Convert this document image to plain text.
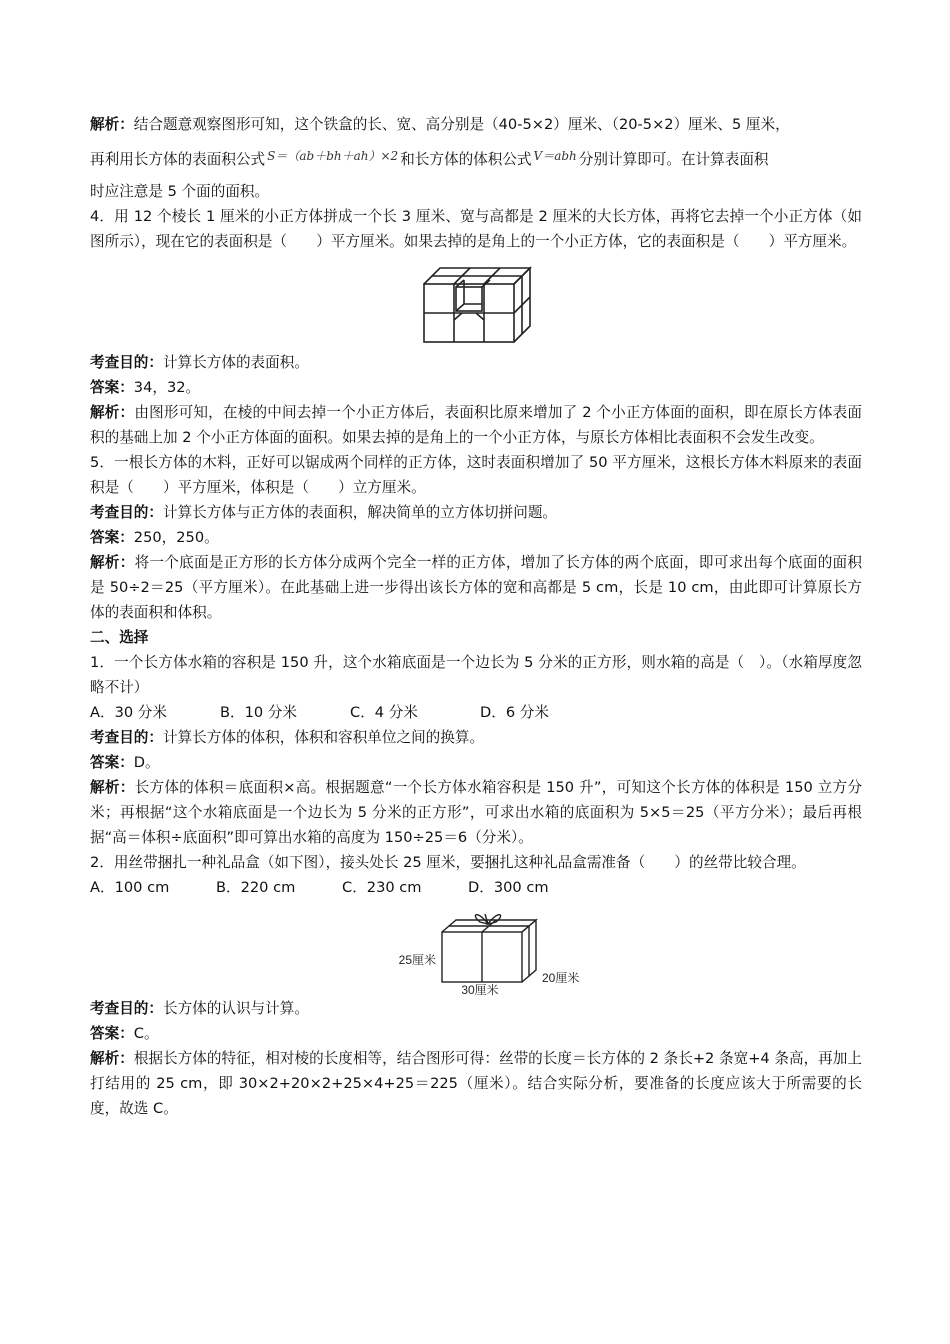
解析：结合题意观察图形可知，这个铁盒的长、宽、高分别是（40-5×2）厘米、（20-5×2）厘米、5 厘米，

再利用长方体的表面积公式 $^{S=(ab+bh+ah)\times 2}$ 和长方体的体积公式 $^{V=abh}$ 分别计算即可。在计算表面积

时应注意是 5 个面的面积。

4．用 12 个棱长 1 厘米的小正方体拼成一个长 3 厘米、宽与高都是 2 厘米的大长方体，再将它去掉一个小正方体（如图所示），现在它的表面积是（　　）平方厘米。如果去掉的是角上的一个小正方体，它的表面积是（　　）平方厘米。

考查目的：计算长方体的表面积。

答案：34，32。

解析：由图形可知，在棱的中间去掉一个小正方体后，表面积比原来增加了 2 个小正方体面的面积，即在原长方体表面积的基础上加 2 个小正方体面的面积。如果去掉的是角上的一个小正方体，与原长方体相比表面积不会发生改变。

5．一根长方体的木料，正好可以锯成两个同样的正方体，这时表面积增加了 50 平方厘米，这根长方体木料原来的表面积是（　　）平方厘米，体积是（　　）立方厘米。

考查目的：计算长方体与正方体的表面积，解决简单的立方体切拼问题。

答案：250，250。

解析：将一个底面是正方形的长方体分成两个完全一样的正方体，增加了长方体的两个底面，即可求出每个底面的面积是 50÷2＝25（平方厘米）。在此基础上进一步得出该长方体的宽和高都是 5 cm，长是 10 cm，由此即可计算原长方体的表面积和体积。

二、选择

1．一个长方体水箱的容积是 150 升，这个水箱底面是一个边长为 5 分米的正方形，则水箱的高是（　）。（水箱厚度忽略不计）

A．30 分米	B．10 分米	C．4 分米	D．6 分米

考查目的：计算长方体的体积，体积和容积单位之间的换算。

答案：D。

解析：长方体的体积＝底面积×高。根据题意“一个长方体水箱容积是 150 升”，可知这个长方体的体积是 150 立方分米；再根据“这个水箱底面是一个边长为 5 分米的正方形”，可求出水箱的底面积为 5×5＝25（平方分米）；最后再根据“高＝体积÷底面积”即可算出水箱的高度为 150÷25＝6（分米）。

2．用丝带捆扎一种礼品盒（如下图），接头处长 25 厘米，要捆扎这种礼品盒需准备（　　）的丝带比较合理。

A．100 cm	B．220 cm	C．230 cm	D．300 cm
25厘米
30厘米
20厘米

考查目的：长方体的认识与计算。

答案：C。

解析：根据长方体的特征，相对棱的长度相等，结合图形可得：丝带的长度＝长方体的 2 条长+2 条宽+4 条高，再加上打结用的 25 cm，即 30×2+20×2+25×4+25＝225（厘米）。结合实际分析，要准备的长度应该大于所需要的长度，故选 C。
